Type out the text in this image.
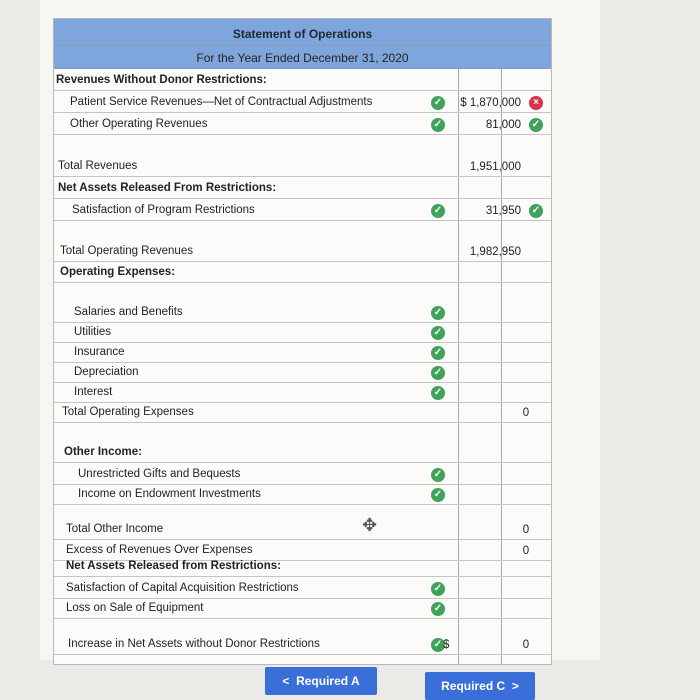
Statement of Operations
For the Year Ended December 31, 2020
Revenues Without Donor Restrictions:
Patient Service Revenues—Net of Contractual Adjustments	✓ $ 1,870,000	×
Other Operating Revenues	✓	81,000 ✓
Total Revenues	1,951,000
Net Assets Released From Restrictions:
Satisfaction of Program Restrictions	✓	31,950 ✓
Total Operating Revenues	1,982,950
Operating Expenses:
Salaries and Benefits	✓
Utilities	✓
Insurance	✓
Depreciation	✓
Interest	✓
Total Operating Expenses	0
Other Income:
Unrestricted Gifts and Bequests	✓
Income on Endowment Investments	✓
Total Other Income	0
Excess of Revenues Over Expenses	0
Net Assets Released from Restrictions:
Satisfaction of Capital Acquisition Restrictions	✓
Loss on Sale of Equipment	✓
Increase in Net Assets without Donor Restrictions	✓ $	0
✥
<  Required A	Required C  >
